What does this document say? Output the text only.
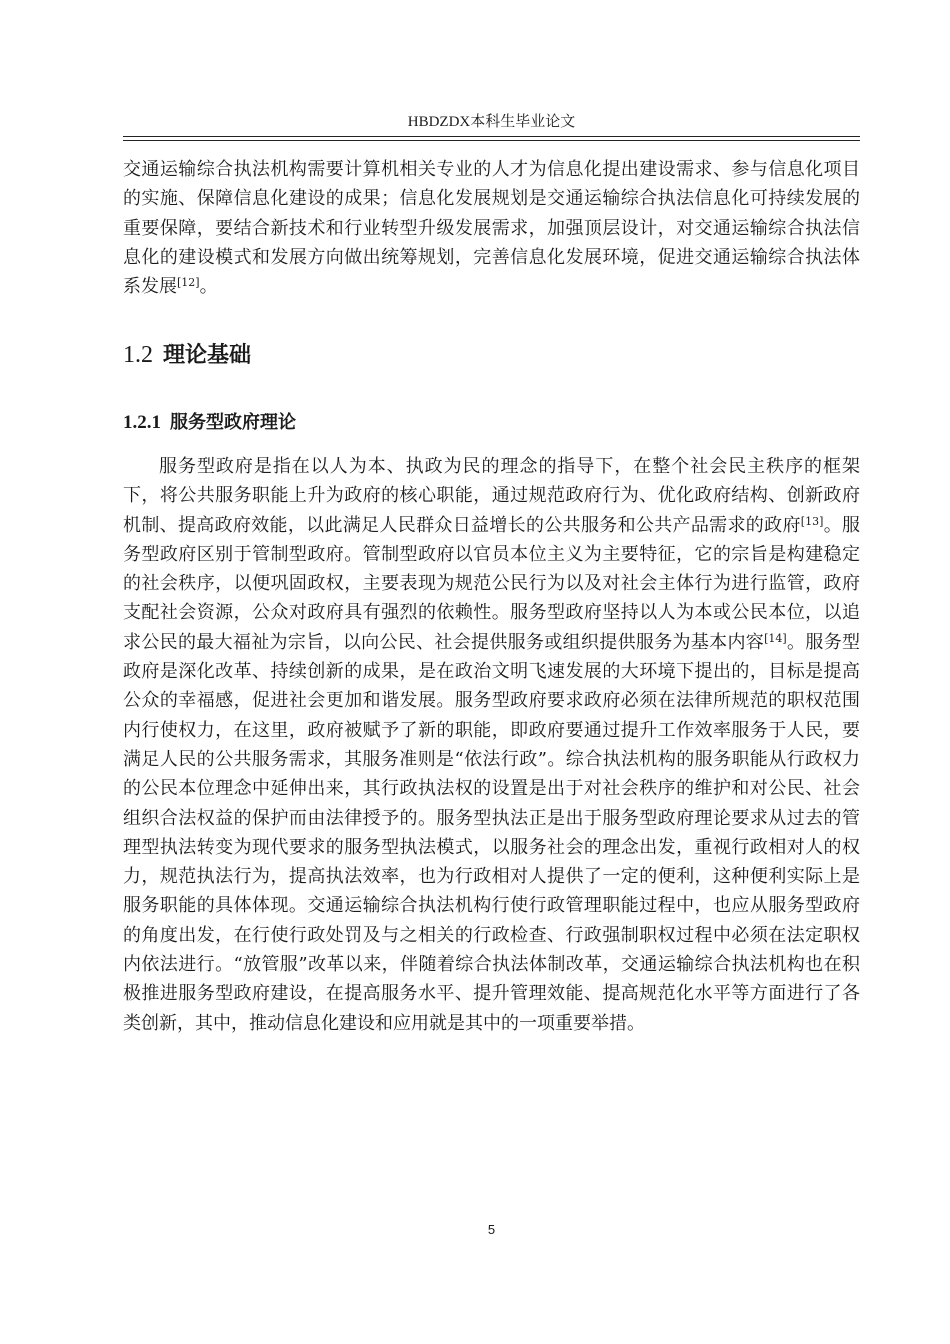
HBDZDX本科生毕业论文

交通运输综合执法机构需要计算机相关专业的人才为信息化提出建设需求、参与信息化项目的实施、保障信息化建设的成果；信息化发展规划是交通运输综合执法信息化可持续发展的重要保障，要结合新技术和行业转型升级发展需求，加强顶层设计，对交通运输综合执法信息化的建设模式和发展方向做出统筹规划，完善信息化发展环境，促进交通运输综合执法体系发展[12]。

1.2 理论基础
1.2.1 服务型政府理论

服务型政府是指在以人为本、执政为民的理念的指导下，在整个社会民主秩序的框架下，将公共服务职能上升为政府的核心职能，通过规范政府行为、优化政府结构、创新政府机制、提高政府效能，以此满足人民群众日益增长的公共服务和公共产品需求的政府[13]。服务型政府区别于管制型政府。管制型政府以官员本位主义为主要特征，它的宗旨是构建稳定的社会秩序，以便巩固政权，主要表现为规范公民行为以及对社会主体行为进行监管，政府支配社会资源，公众对政府具有强烈的依赖性。服务型政府坚持以人为本或公民本位，以追求公民的最大福祉为宗旨，以向公民、社会提供服务或组织提供服务为基本内容[14]。服务型政府是深化改革、持续创新的成果，是在政治文明飞速发展的大环境下提出的，目标是提高公众的幸福感，促进社会更加和谐发展。服务型政府要求政府必须在法律所规范的职权范围内行使权力，在这里，政府被赋予了新的职能，即政府要通过提升工作效率服务于人民，要满足人民的公共服务需求，其服务准则是“依法行政”。综合执法机构的服务职能从行政权力的公民本位理念中延伸出来，其行政执法权的设置是出于对社会秩序的维护和对公民、社会组织合法权益的保护而由法律授予的。服务型执法正是出于服务型政府理论要求从过去的管理型执法转变为现代要求的服务型执法模式，以服务社会的理念出发，重视行政相对人的权力，规范执法行为，提高执法效率，也为行政相对人提供了一定的便利，这种便利实际上是服务职能的具体体现。交通运输综合执法机构行使行政管理职能过程中，也应从服务型政府的角度出发，在行使行政处罚及与之相关的行政检查、行政强制职权过程中必须在法定职权内依法进行。“放管服”改革以来，伴随着综合执法体制改革，交通运输综合执法机构也在积极推进服务型政府建设，在提高服务水平、提升管理效能、提高规范化水平等方面进行了各类创新，其中，推动信息化建设和应用就是其中的一项重要举措。

5
